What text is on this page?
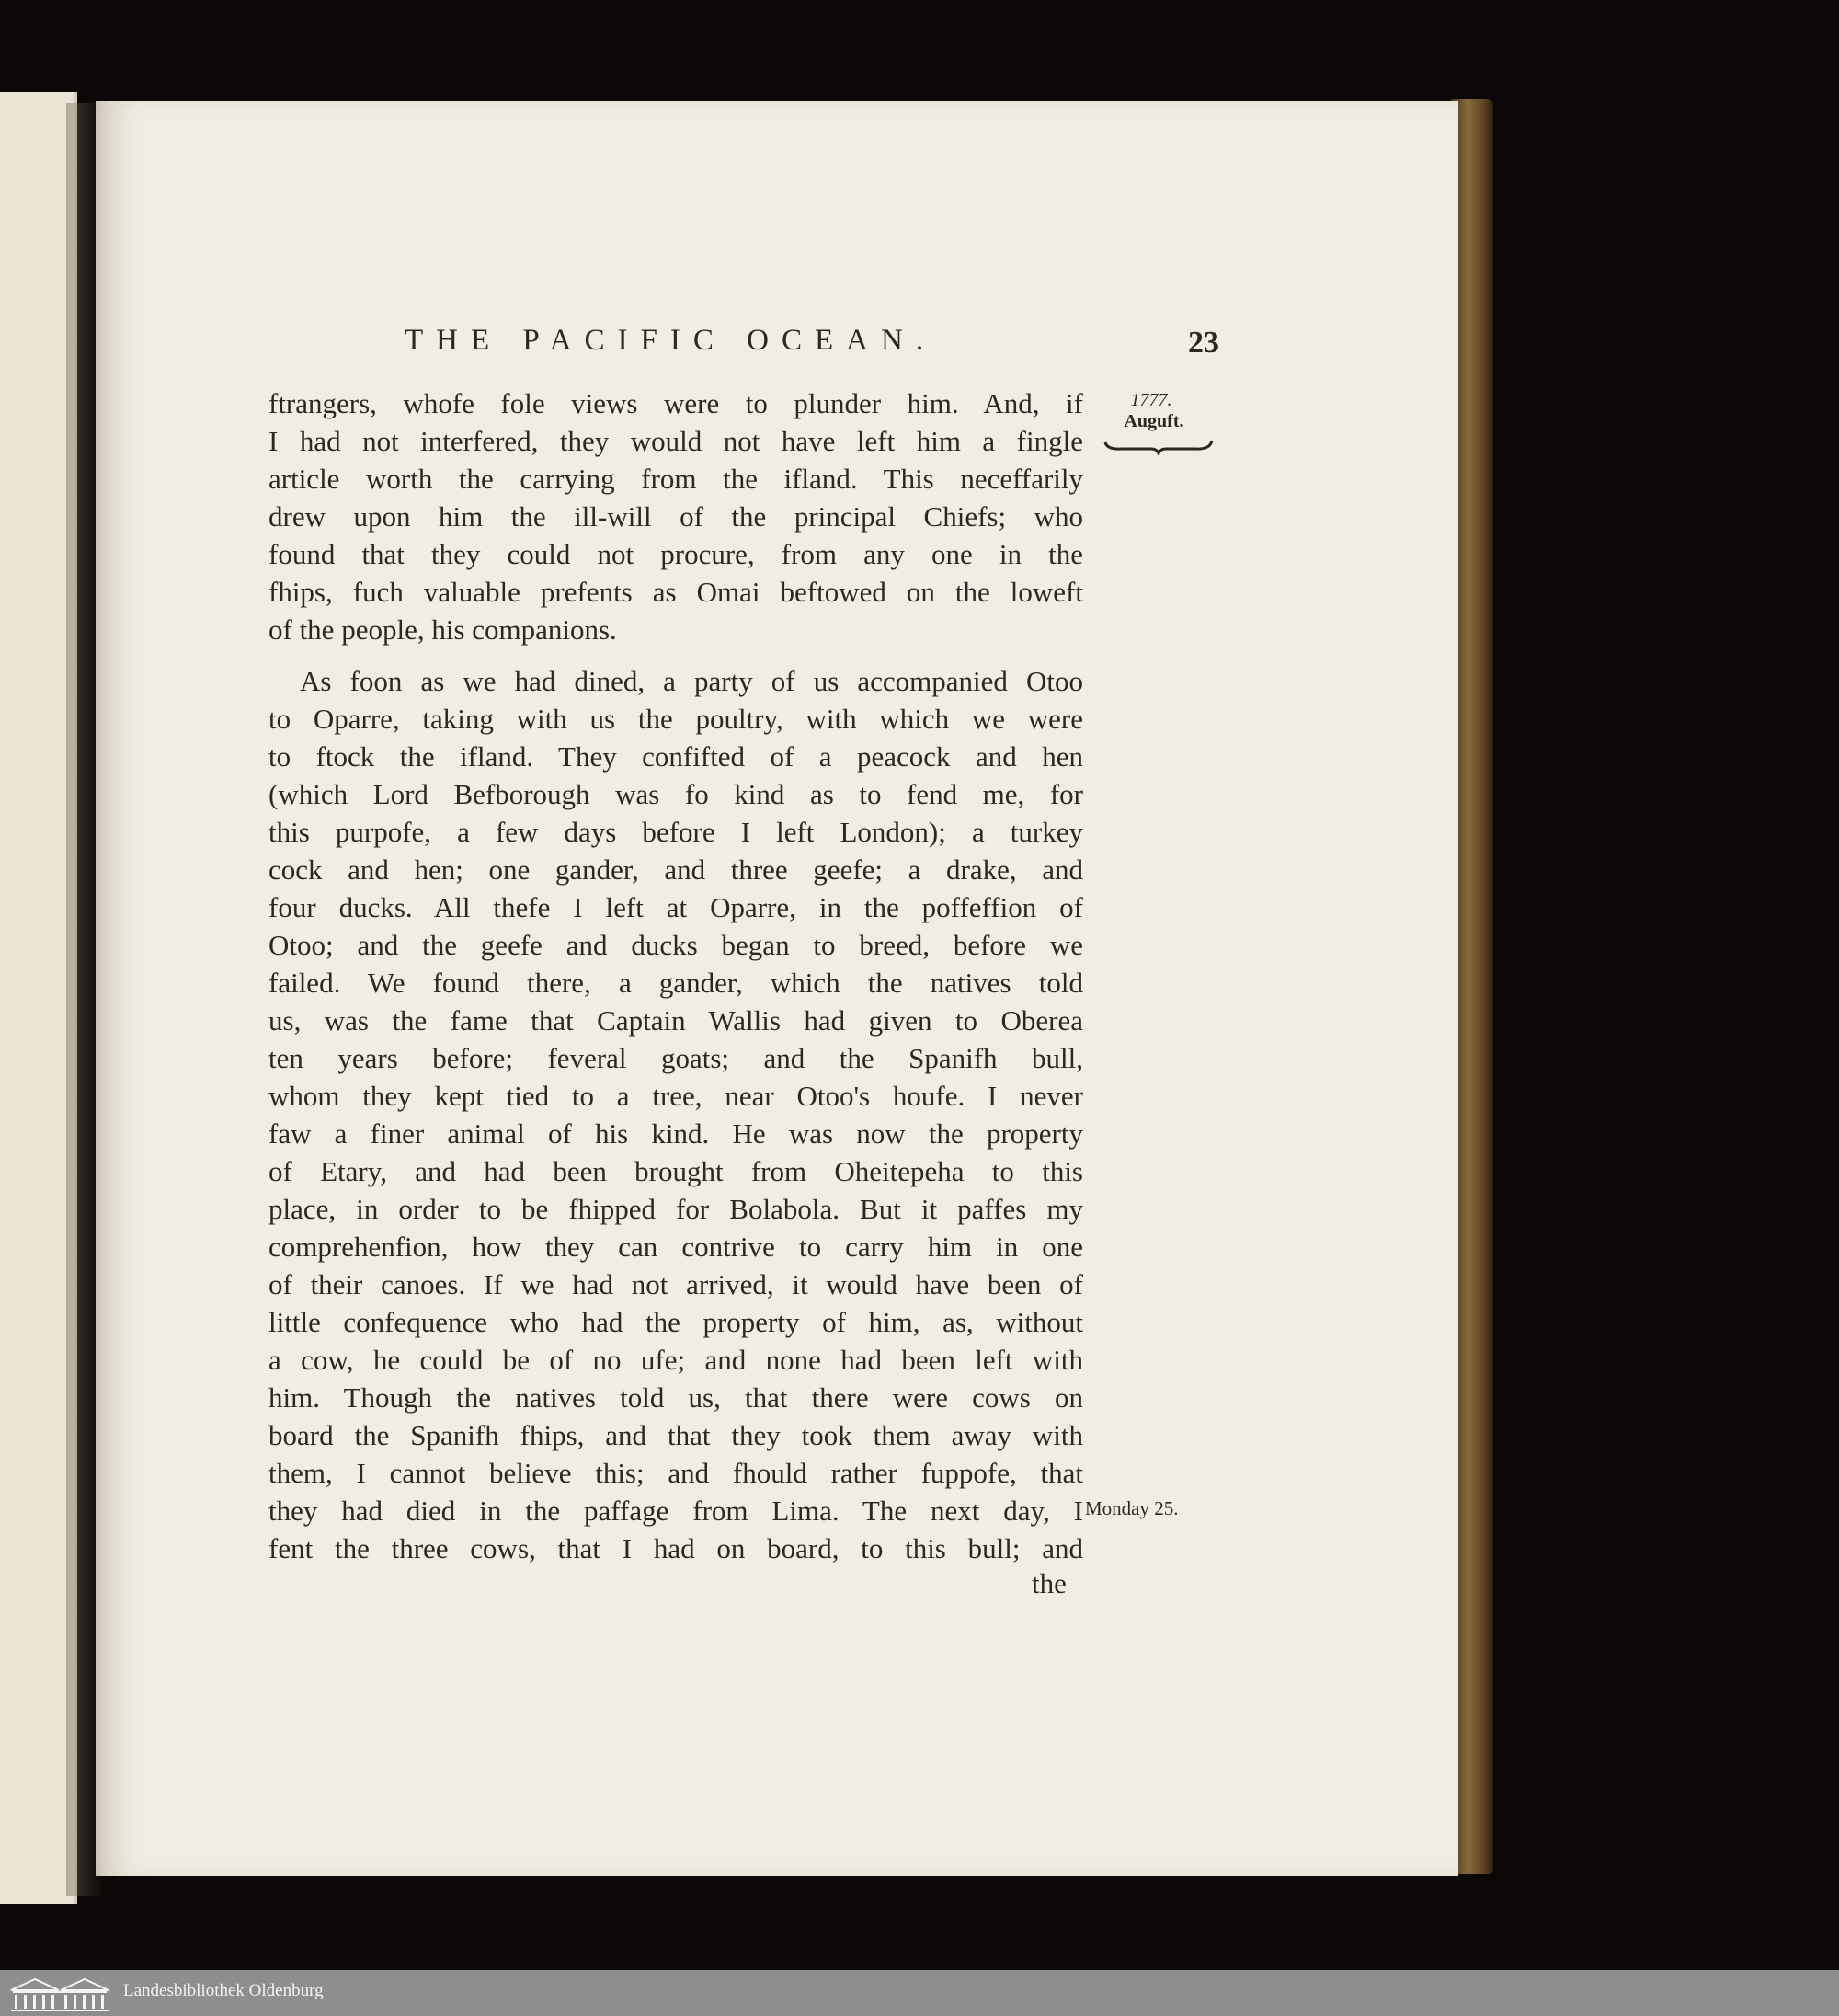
THE PACIFIC OCEAN.	23
1777.
Auguft.
ftrangers, whofe fole views were to plunder him. And, if
I had not interfered, they would not have left him a fingle
article worth the carrying from the ifland. This neceffarily
drew upon him the ill-will of the principal Chiefs; who
found that they could not procure, from any one in the
fhips, fuch valuable prefents as Omai beftowed on the loweft
of the people, his companions.
As foon as we had dined, a party of us accompanied Otoo
to Oparre, taking with us the poultry, with which we were
to ftock the ifland. They confifted of a peacock and hen
(which Lord Befborough was fo kind as to fend me, for
this purpofe, a few days before I left London); a turkey
cock and hen; one gander, and three geefe; a drake, and
four ducks. All thefe I left at Oparre, in the poffeffion of
Otoo; and the geefe and ducks began to breed, before we
failed. We found there, a gander, which the natives told
us, was the fame that Captain Wallis had given to Oberea
ten years before; feveral goats; and the Spanifh bull,
whom they kept tied to a tree, near Otoo's houfe. I never
faw a finer animal of his kind. He was now the property
of Etary, and had been brought from Oheitepeha to this
place, in order to be fhipped for Bolabola. But it paffes my
comprehenfion, how they can contrive to carry him in one
of their canoes. If we had not arrived, it would have been of
little confequence who had the property of him, as, without
a cow, he could be of no ufe; and none had been left with
him. Though the natives told us, that there were cows on
board the Spanifh fhips, and that they took them away with
them, I cannot believe this; and fhould rather fuppofe, that
they had died in the paffage from Lima. The next day, I
fent the three cows, that I had on board, to this bull; and
Monday 25.
the
Landesbibliothek Oldenburg
